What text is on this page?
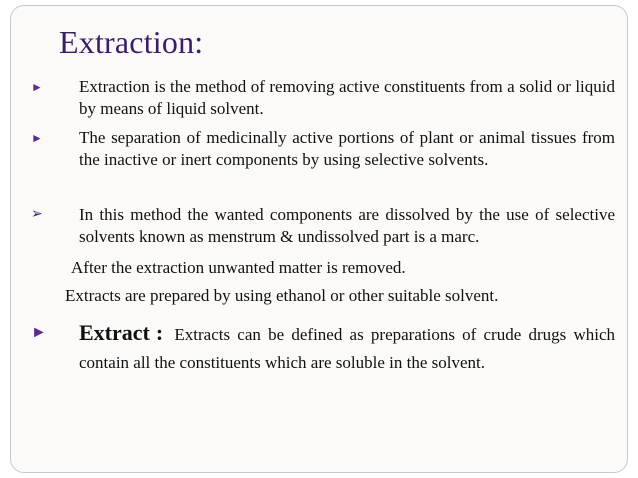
Extraction:
► Extraction is the method of removing active constituents from a solid or liquid by means of liquid solvent.
► The separation of medicinally active portions of plant or animal tissues from the inactive or inert components by using selective solvents.
➢ In this method the wanted components are dissolved by the use of selective solvents known as menstrum & undissolved part is a marc.
After the extraction unwanted matter is removed.
Extracts are prepared by using ethanol or other suitable solvent.
► Extract : Extracts can be defined as preparations of crude drugs which contain all the constituents which are soluble in the solvent.
